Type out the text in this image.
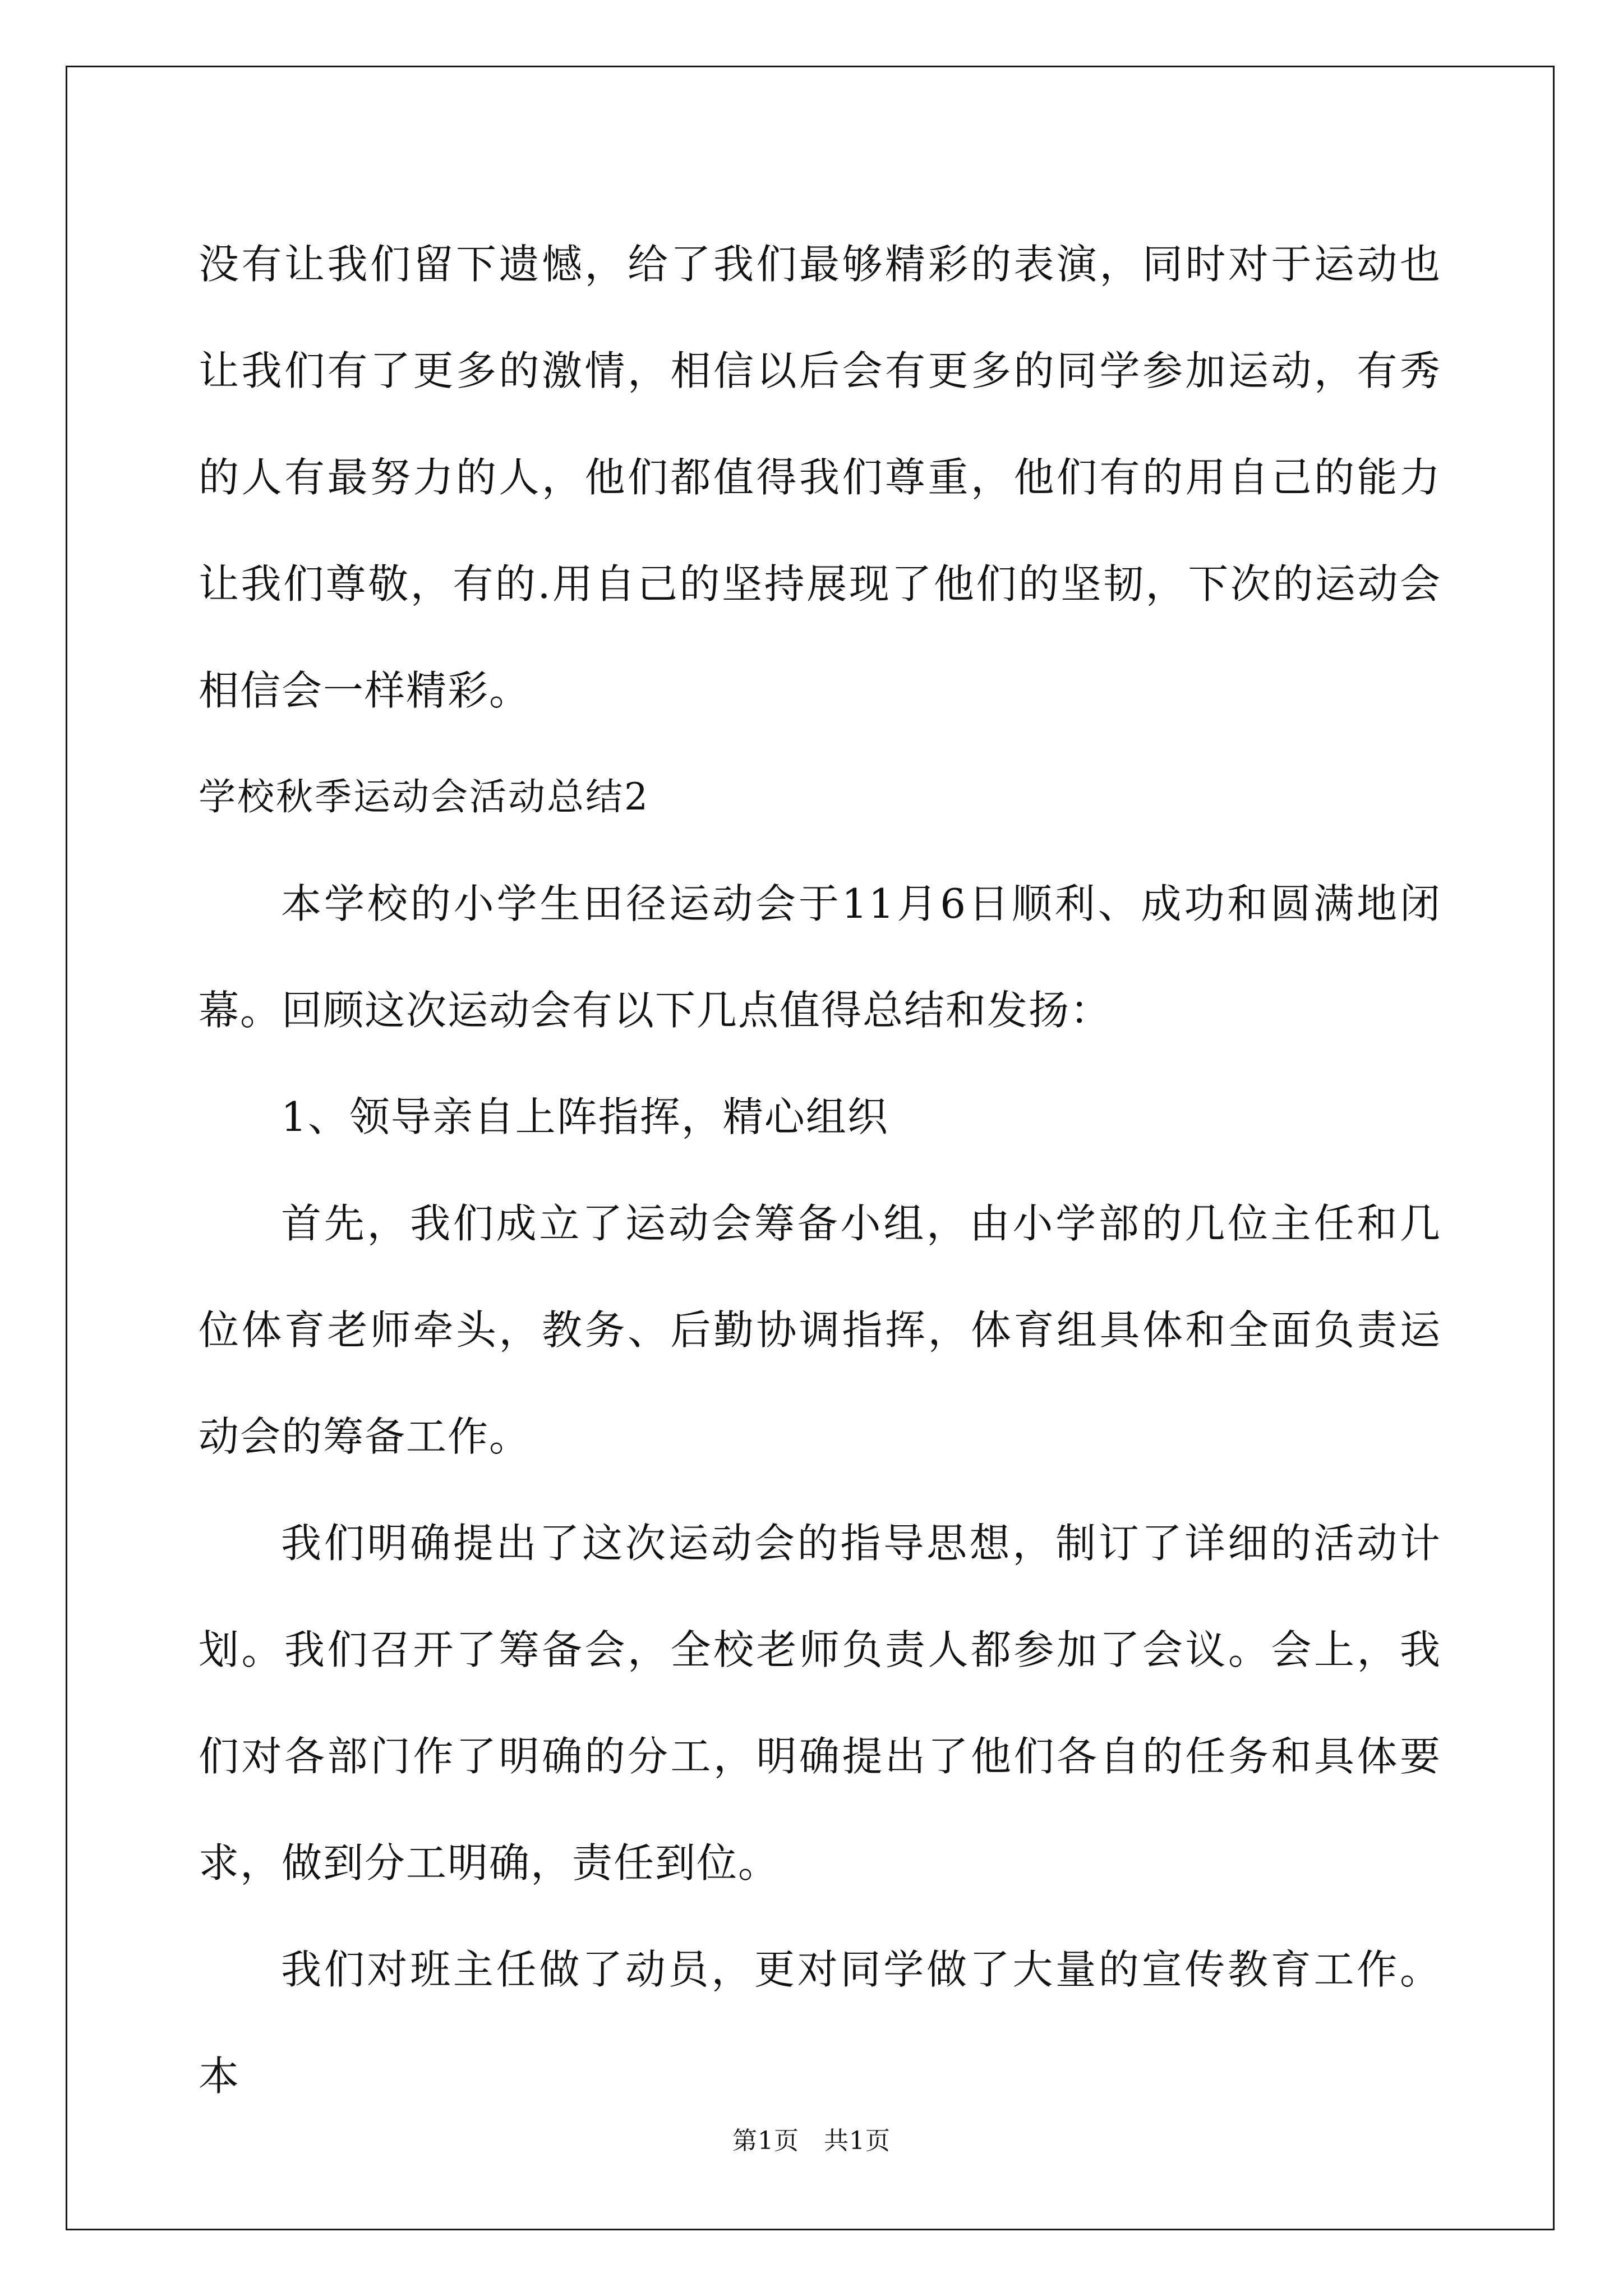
没有让我们留下遗憾，给了我们最够精彩的表演，同时对于运动也让我们有了更多的激情，相信以后会有更多的同学参加运动，有秀的人有最努力的人，他们都值得我们尊重，他们有的用自己的能力让我们尊敬，有的.用自己的坚持展现了他们的坚韧，下次的运动会相信会一样精彩。

学校秋季运动会活动总结2

本学校的小学生田径运动会于11月6日顺利、成功和圆满地闭幕。回顾这次运动会有以下几点值得总结和发扬：

1、领导亲自上阵指挥，精心组织

首先，我们成立了运动会筹备小组，由小学部的几位主任和几位体育老师牵头，教务、后勤协调指挥，体育组具体和全面负责运动会的筹备工作。

我们明确提出了这次运动会的指导思想，制订了详细的活动计划。我们召开了筹备会，全校老师负责人都参加了会议。会上，我们对各部门作了明确的分工，明确提出了他们各自的任务和具体要求，做到分工明确，责任到位。

我们对班主任做了动员，更对同学做了大量的宣传教育工作。本

第1页 共1页
